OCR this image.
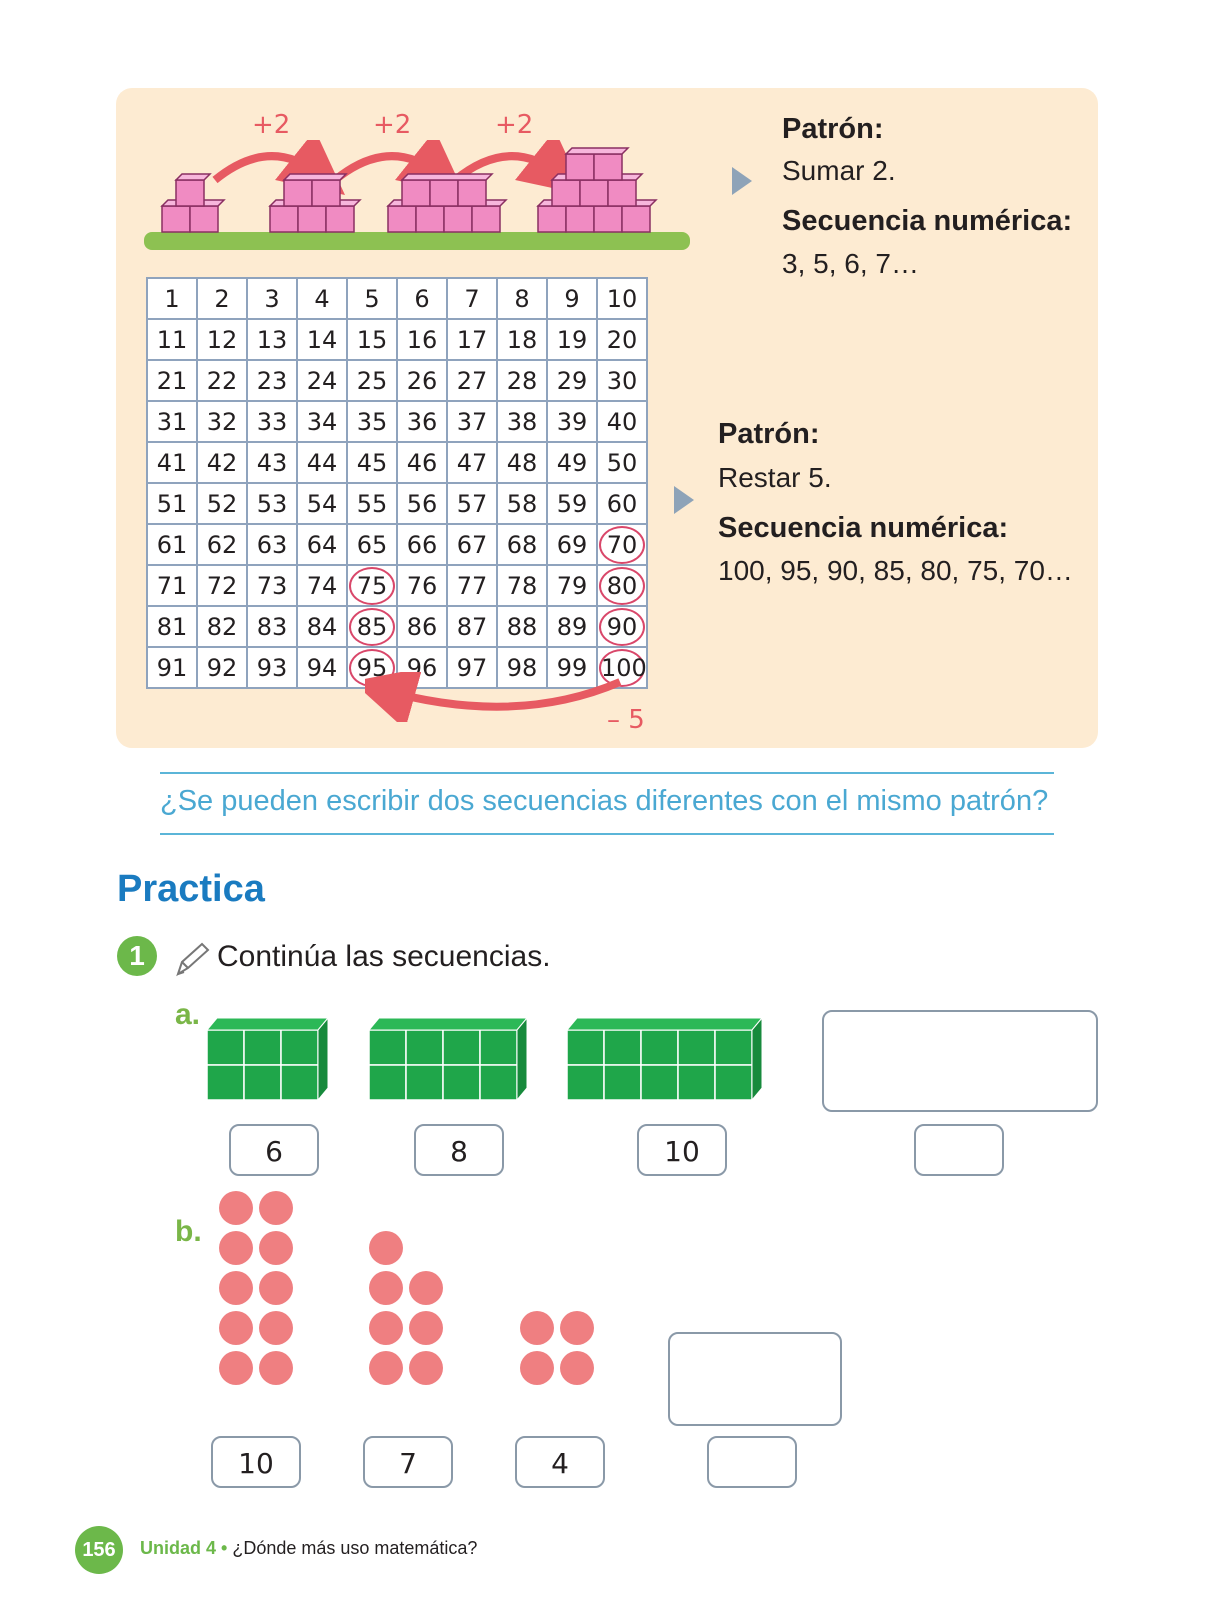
+2	+2	+2
1	2	3	4	5	6	7	8	9	10
11	12	13	14	15	16	17	18	19	20
21	22	23	24	25	26	27	28	29	30
31	32	33	34	35	36	37	38	39	40
41	42	43	44	45	46	47	48	49	50
51	52	53	54	55	56	57	58	59	60
61	62	63	64	65	66	67	68	69	70
71	72	73	74	75	76	77	78	79	80
81	82	83	84	85	86	87	88	89	90
91	92	93	94	95	96	97	98	99	100
– 5
Patrón:
Sumar 2.
Secuencia numérica:
3, 5, 6, 7…
Patrón:
Restar 5.
Secuencia numérica:
100, 95, 90, 85, 80, 75, 70…
¿Se pueden escribir dos secuencias diferentes con el mismo patrón?
Practica
1	Continúa las secuencias.
a.
6	8	10
b.
10	7	4
156	Unidad 4 • ¿Dónde más uso matemática?
